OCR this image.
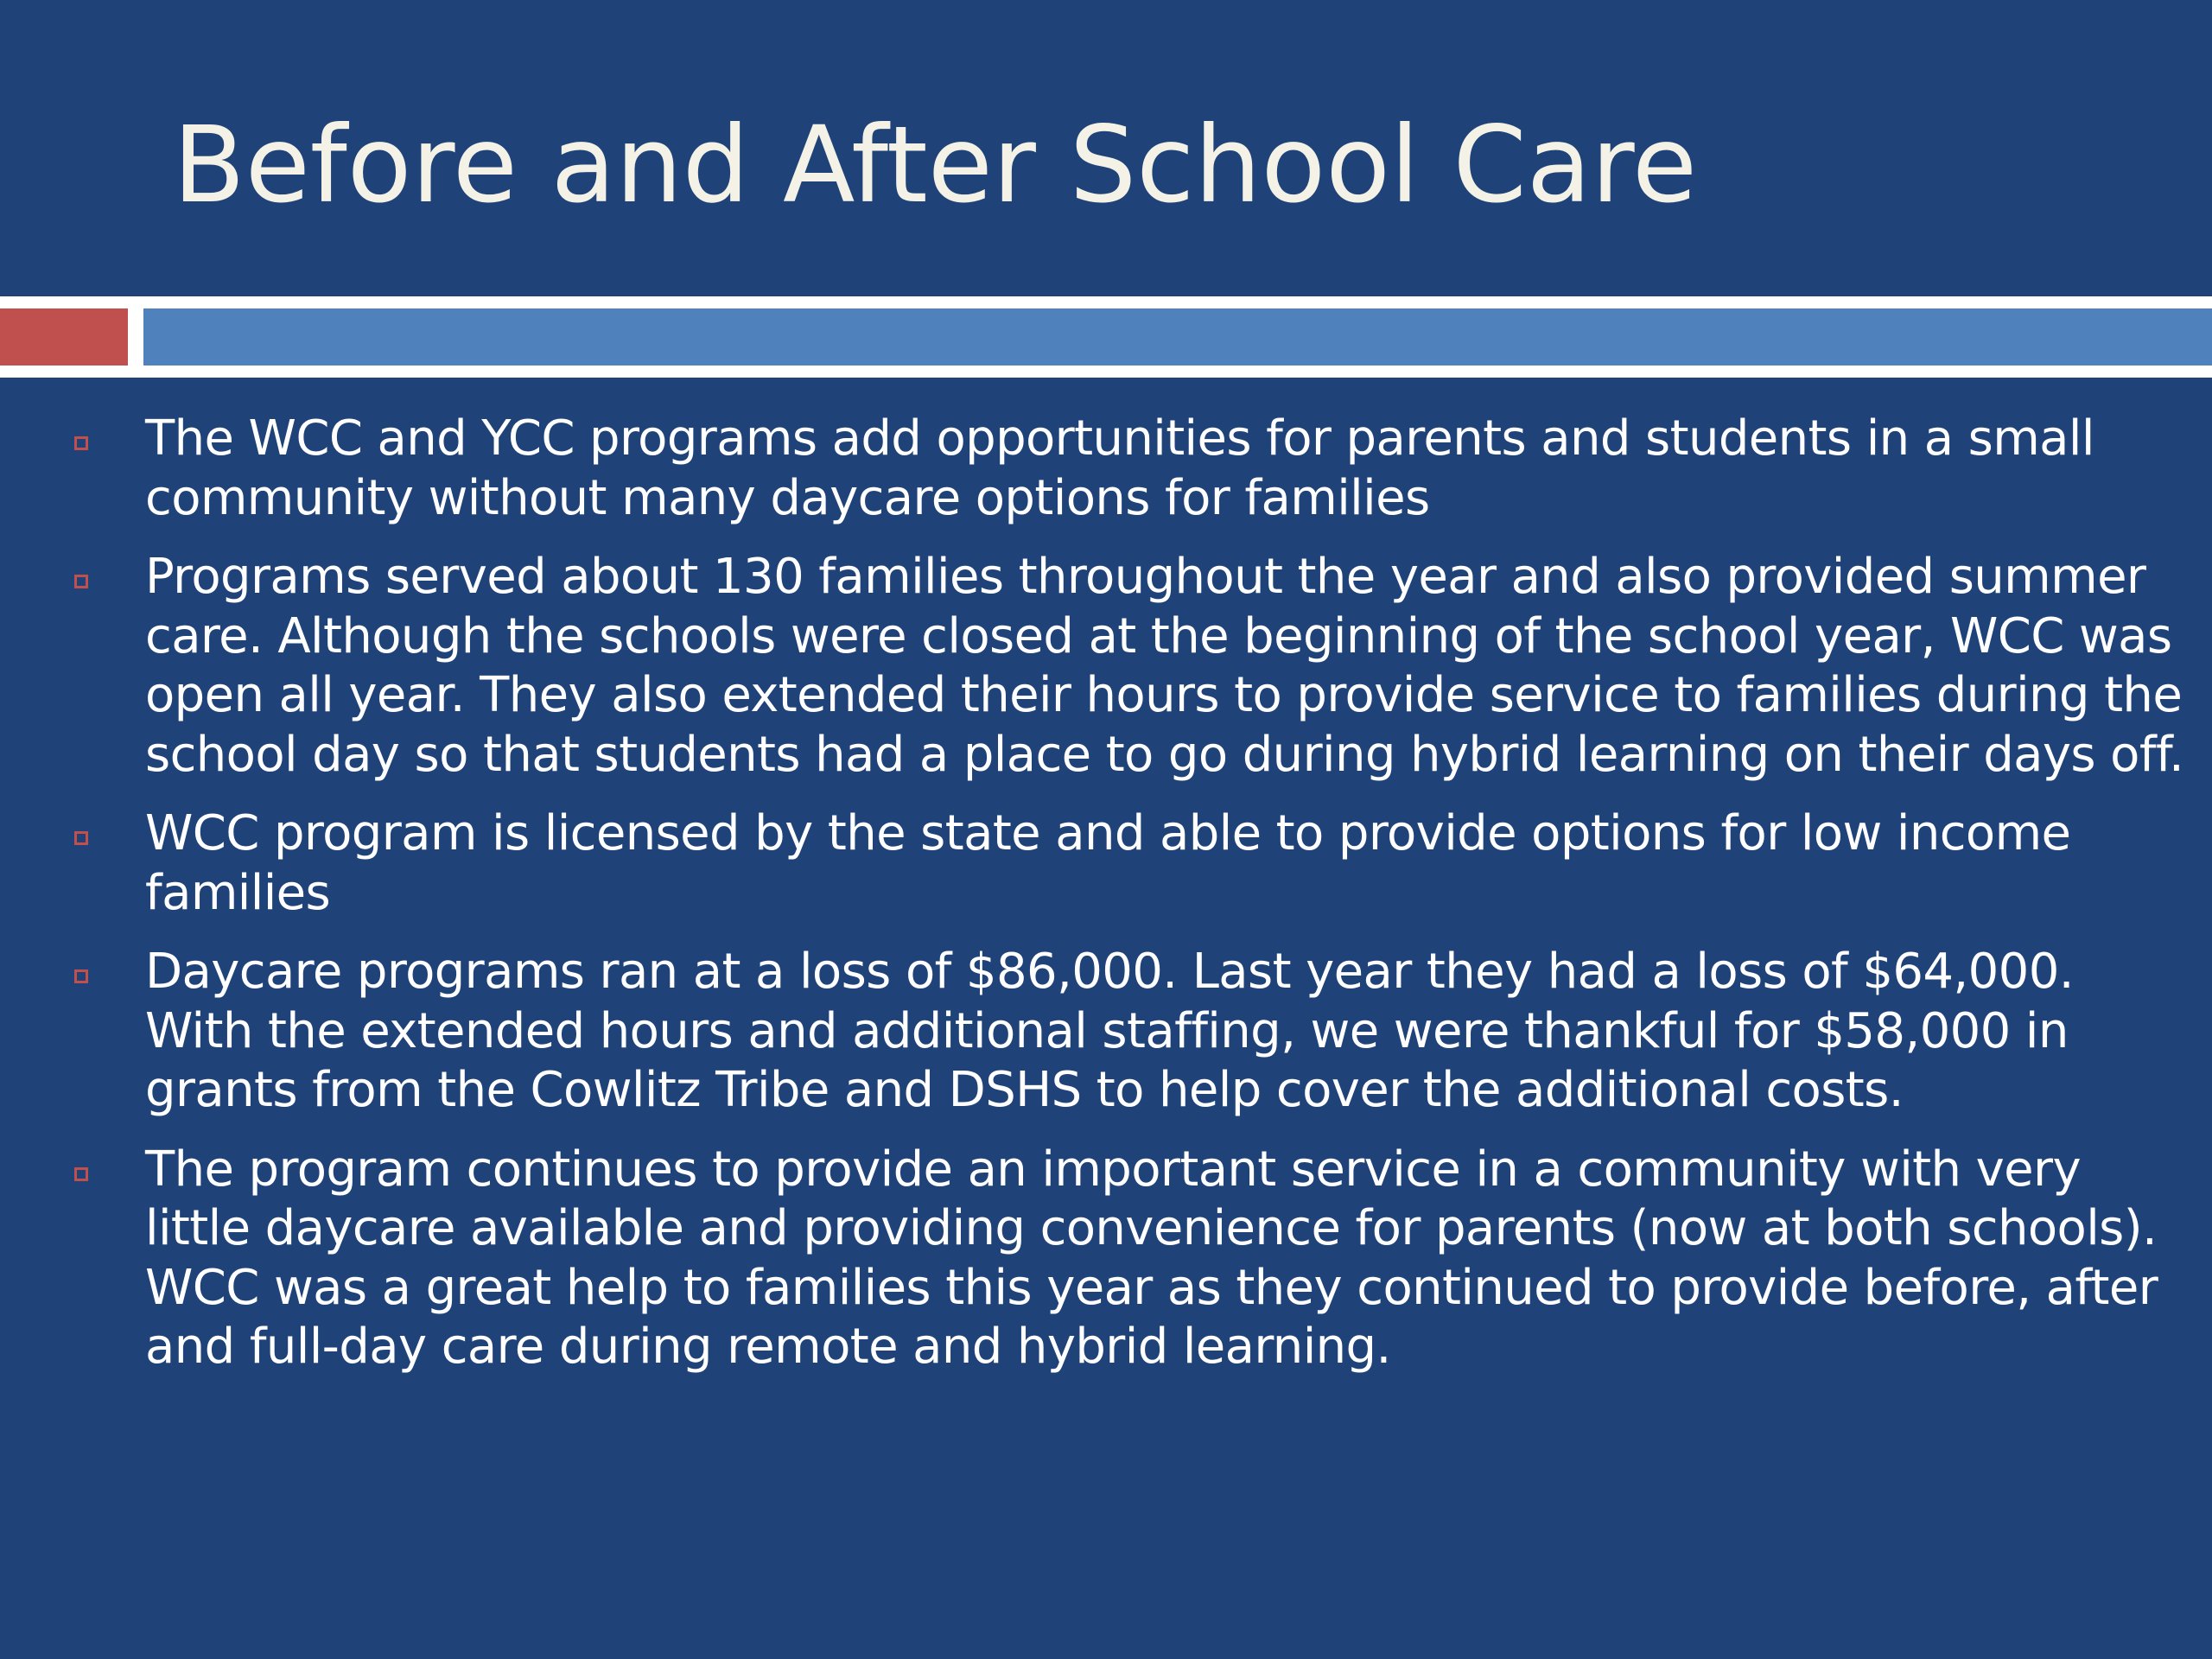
Before and After School Care
The WCC and YCC programs add opportunities for parents and students in a small community without many daycare options for families
Programs served about 130 families throughout the year and also provided summer care. Although the schools were closed at the beginning of the school year, WCC was open all year. They also extended their hours to provide service to families during the school day so that students had a place to go during hybrid learning on their days off.
WCC program is licensed by the state and able to provide options for low income families
Daycare programs ran at a loss of $86,000. Last year they had a loss of $64,000. With the extended hours and additional staffing, we were thankful for $58,000 in grants from the Cowlitz Tribe and DSHS to help cover the additional costs.
The program continues to provide an important service in a community with very little daycare available and providing convenience for parents (now at both schools). WCC was a great help to families this year as they continued to provide before, after and full-day care during remote and hybrid learning.
